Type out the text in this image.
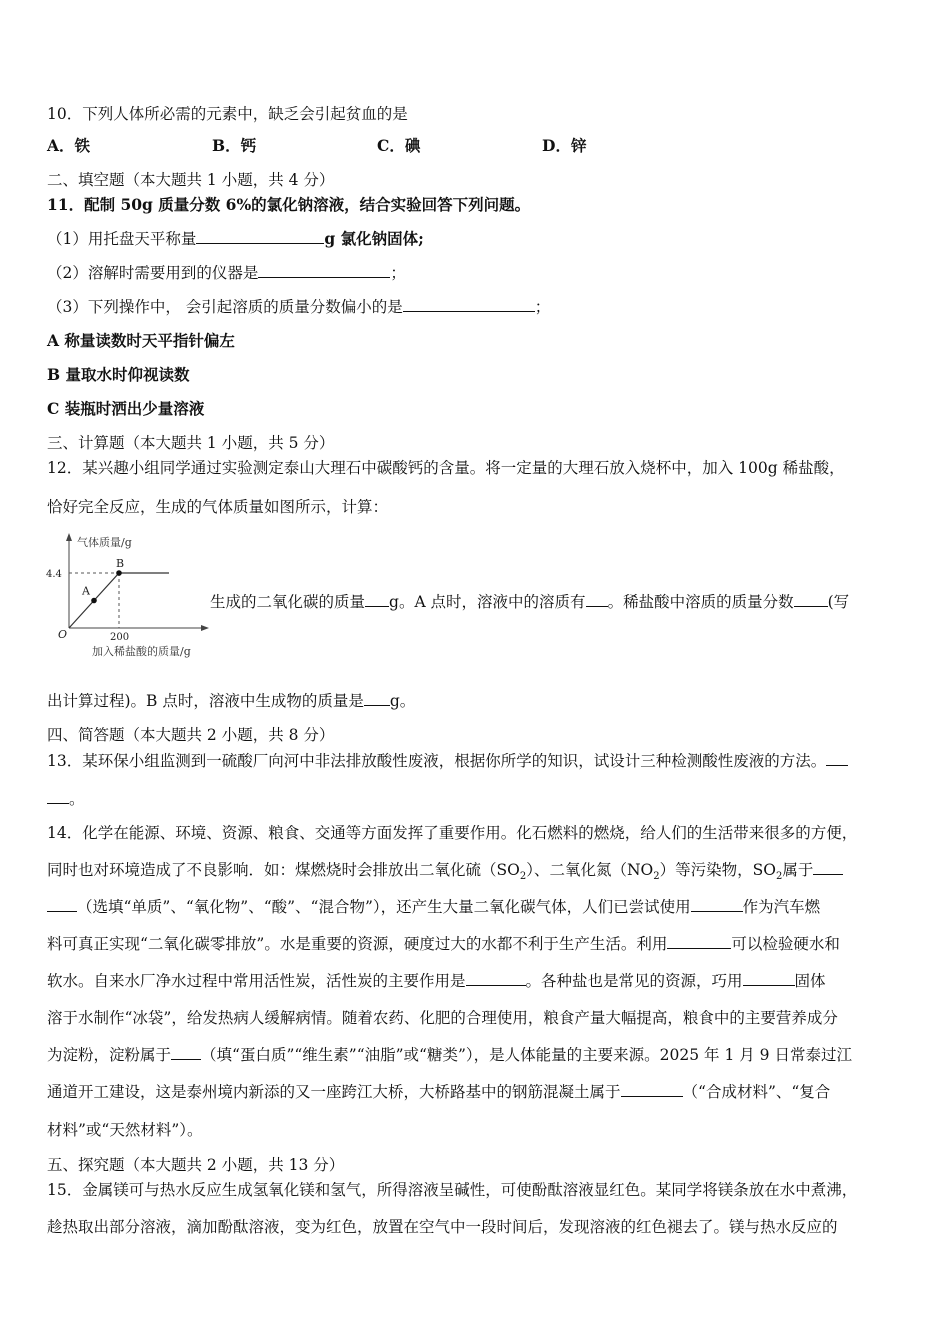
10．下列人体所必需的元素中，缺乏会引起贫血的是
A．铁	B．钙	C．碘	D．锌
二、填空题（本大题共 1 小题，共 4 分）
11．配制 50g 质量分数 6%的氯化钠溶液，结合实验回答下列问题。
（1）用托盘天平称量	g 氯化钠固体;
（2）溶解时需要用到的仪器是	；
（3）下列操作中， 会引起溶质的质量分数偏小的是	；
A 称量读数时天平指针偏左
B 量取水时仰视读数
C 装瓶时洒出少量溶液
三、计算题（本大题共 1 小题，共 5 分）
12．某兴趣小组同学通过实验测定泰山大理石中碳酸钙的含量。将一定量的大理石放入烧杯中，加入 100g 稀盐酸，
恰好完全反应，生成的气体质量如图所示，计算：
A
B
气体质量/g
4.4
200
O
加入稀盐酸的质量/g
生成的二氧化碳的质量 g。A 点时，溶液中的溶质有 。稀盐酸中溶质的质量分数 (写
出计算过程)。B 点时，溶液中生成物的质量是 g。
四、简答题（本大题共 2 小题，共 8 分）
13．某环保小组监测到一硫酸厂向河中非法排放酸性废液，根据你所学的知识，试设计三种检测酸性废液的方法。
。
14．化学在能源、环境、资源、粮食、交通等方面发挥了重要作用。化石燃料的燃烧，给人们的生活带来很多的方便，
同时也对环境造成了不良影响．如：煤燃烧时会排放出二氧化硫$(SO_2)$、二氧化氮$(NO_2)$等污染物，$SO_2$属于
（选填“单质”、“氧化物”、“酸”、“混合物”），还产生大量二氧化碳气体，人们已尝试使用	作为汽车燃
料可真正实现“二氧化碳零排放”。水是重要的资源，硬度过大的水都不利于生产生活。利用	可以检验硬水和
软水。自来水厂净水过程中常用活性炭，活性炭的主要作用是	。各种盐也是常见的资源，巧用	固体
溶于水制作“冰袋”，给发热病人缓解病情。随着农药、化肥的合理使用，粮食产量大幅提高，粮食中的主要营养成分
为淀粉，淀粉属于 （填“蛋白质”“维生素”“油脂”或“糖类”），是人体能量的主要来源。2025 年 1 月 9 日常泰过江
通道开工建设，这是泰州境内新添的又一座跨江大桥，大桥路基中的钢筋混凝土属于	（“合成材料”、“复合
材料”或“天然材料”）。
五、探究题（本大题共 2 小题，共 13 分）
15．金属镁可与热水反应生成氢氧化镁和氢气，所得溶液呈碱性，可使酚酞溶液显红色。某同学将镁条放在水中煮沸，
趁热取出部分溶液，滴加酚酞溶液，变为红色，放置在空气中一段时间后，发现溶液的红色褪去了。镁与热水反应的
